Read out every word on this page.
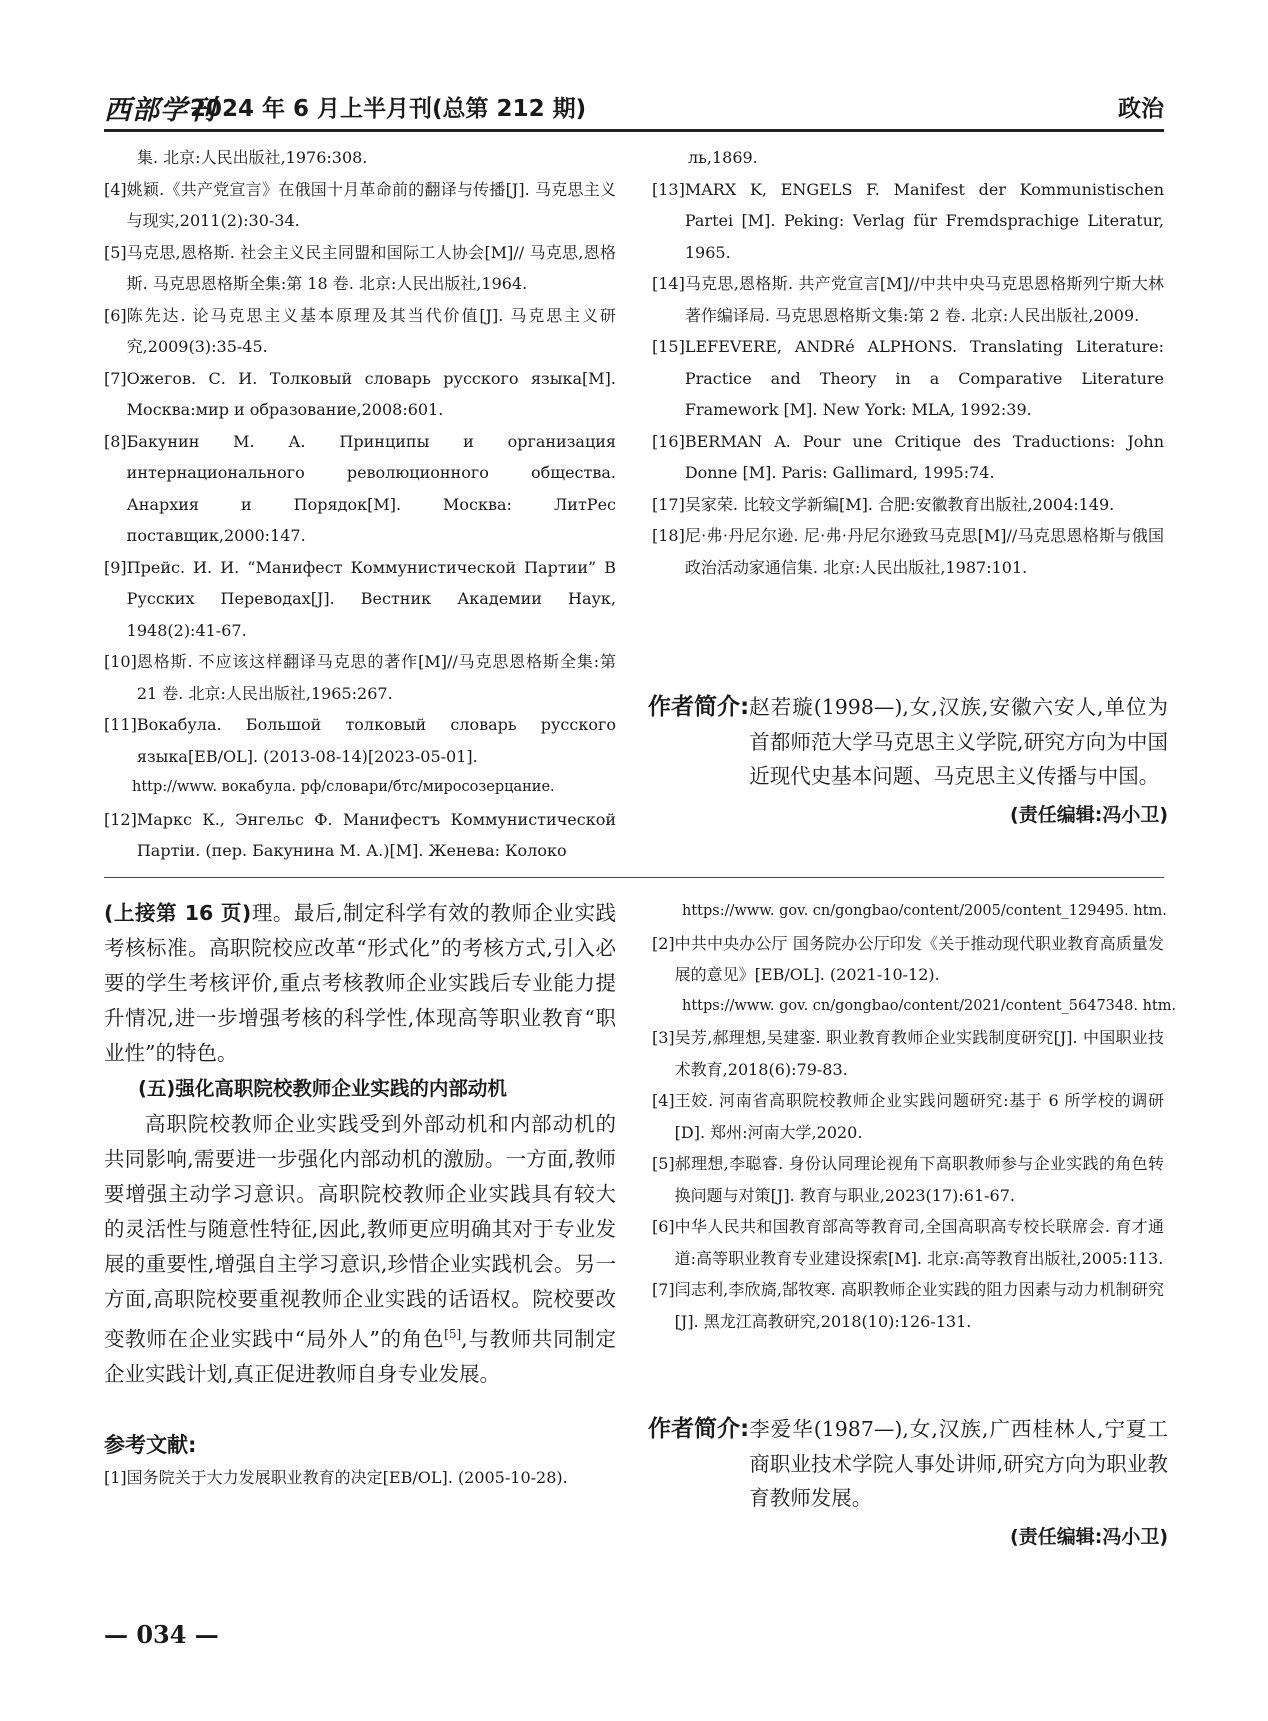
西部学刊
2024 年 6 月上半月刊(总第 212 期)	政治
集. 北京:人民出版社,1976:308.
[4] 姚颖.《共产党宣言》在俄国十月革命前的翻译与传播[J]. 马克思主义与现实,2011(2):30-34.
[5] 马克思,恩格斯. 社会主义民主同盟和国际工人协会[M]// 马克思,恩格斯. 马克思恩格斯全集:第 18 卷. 北京:人民出版社,1964.
[6] 陈先达. 论马克思主义基本原理及其当代价值[J]. 马克思主义研究,2009(3):35-45.
[7] Ожегов. С. И. Толковый словарь русского языка[M]. Москва:мир и образование,2008:601.
[8] Бакунин М. А. Принципы и организация интернационального революционного общества. Анархия и Порядок[M]. Москва: ЛитРес поставщик,2000:147.
[9] Прейс. И. И. “Манифест Коммунистической Партии” В Русских Переводах[J]. Вестник Академии Наук, 1948(2):41-67.
[10] 恩格斯. 不应该这样翻译马克思的著作[M]//马克思恩格斯全集:第 21 卷. 北京:人民出版社,1965:267.
[11] Вокабула. Большой толковый словарь русского языка[EB/OL]. (2013-08-14)[2023-05-01].
http://www. вокабула. рф/словари/бтс/миросозерцание.
[12] Маркс К., Энгельс Ф. Манифестъ Коммунистической Партiи. (пер. Бакунина М. А.)[M]. Женева: Колоко
ль,1869.
[13] MARX K, ENGELS F. Manifest der Kommunistischen Partei [M]. Peking: Verlag für Fremdsprachige Literatur, 1965.
[14] 马克思,恩格斯. 共产党宣言[M]//中共中央马克思恩格斯列宁斯大林著作编译局. 马克思恩格斯文集:第 2 卷. 北京:人民出版社,2009.
[15] LEFEVERE, ANDRé ALPHONS. Translating Literature: Practice and Theory in a Comparative Literature Framework [M]. New York: MLA, 1992:39.
[16] BERMAN A. Pour une Critique des Traductions: John Donne [M]. Paris: Gallimard, 1995:74.
[17] 吴家荣. 比较文学新编[M]. 合肥:安徽教育出版社,2004:149.
[18] 尼·弗·丹尼尔逊. 尼·弗·丹尼尔逊致马克思[M]//马克思恩格斯与俄国政治活动家通信集. 北京:人民出版社,1987:101.
作者简介: 赵若璇(1998—),女,汉族,安徽六安人,单位为首都师范大学马克思主义学院,研究方向为中国近现代史基本问题、马克思主义传播与中国。
(责任编辑:冯小卫)

(上接第 16 页)理。最后,制定科学有效的教师企业实践考核标准。高职院校应改革“形式化”的考核方式,引入必要的学生考核评价,重点考核教师企业实践后专业能力提升情况,进一步增强考核的科学性,体现高等职业教育“职业性”的特色。

(五)强化高职院校教师企业实践的内部动机

高职院校教师企业实践受到外部动机和内部动机的共同影响,需要进一步强化内部动机的激励。一方面,教师要增强主动学习意识。高职院校教师企业实践具有较大的灵活性与随意性特征,因此,教师更应明确其对于专业发展的重要性,增强自主学习意识,珍惜企业实践机会。另一方面,高职院校要重视教师企业实践的话语权。院校要改变教师在企业实践中“局外人”的角色[5],与教师共同制定企业实践计划,真正促进教师自身专业发展。

参考文献:
[1] 国务院关于大力发展职业教育的决定[EB/OL]. (2005-10-28).
https://www. gov. cn/gongbao/content/2005/content_129495. htm.
[2] 中共中央办公厅 国务院办公厅印发《关于推动现代职业教育高质量发展的意见》[EB/OL]. (2021-10-12).
https://www. gov. cn/gongbao/content/2021/content_5647348. htm.
[3] 吴芳,郝理想,吴建銮. 职业教育教师企业实践制度研究[J]. 中国职业技术教育,2018(6):79-83.
[4] 王姣. 河南省高职院校教师企业实践问题研究:基于 6 所学校的调研[D]. 郑州:河南大学,2020.
[5] 郝理想,李聪睿. 身份认同理论视角下高职教师参与企业实践的角色转换问题与对策[J]. 教育与职业,2023(17):61-67.
[6] 中华人民共和国教育部高等教育司,全国高职高专校长联席会. 育才通道:高等职业教育专业建设探索[M]. 北京:高等教育出版社,2005:113.
[7] 闫志利,李欣旖,郜牧寒. 高职教师企业实践的阻力因素与动力机制研究[J]. 黑龙江高教研究,2018(10):126-131.
作者简介: 李爱华(1987—),女,汉族,广西桂林人,宁夏工商职业技术学院人事处讲师,研究方向为职业教育教师发展。
(责任编辑:冯小卫)
— 034 —
